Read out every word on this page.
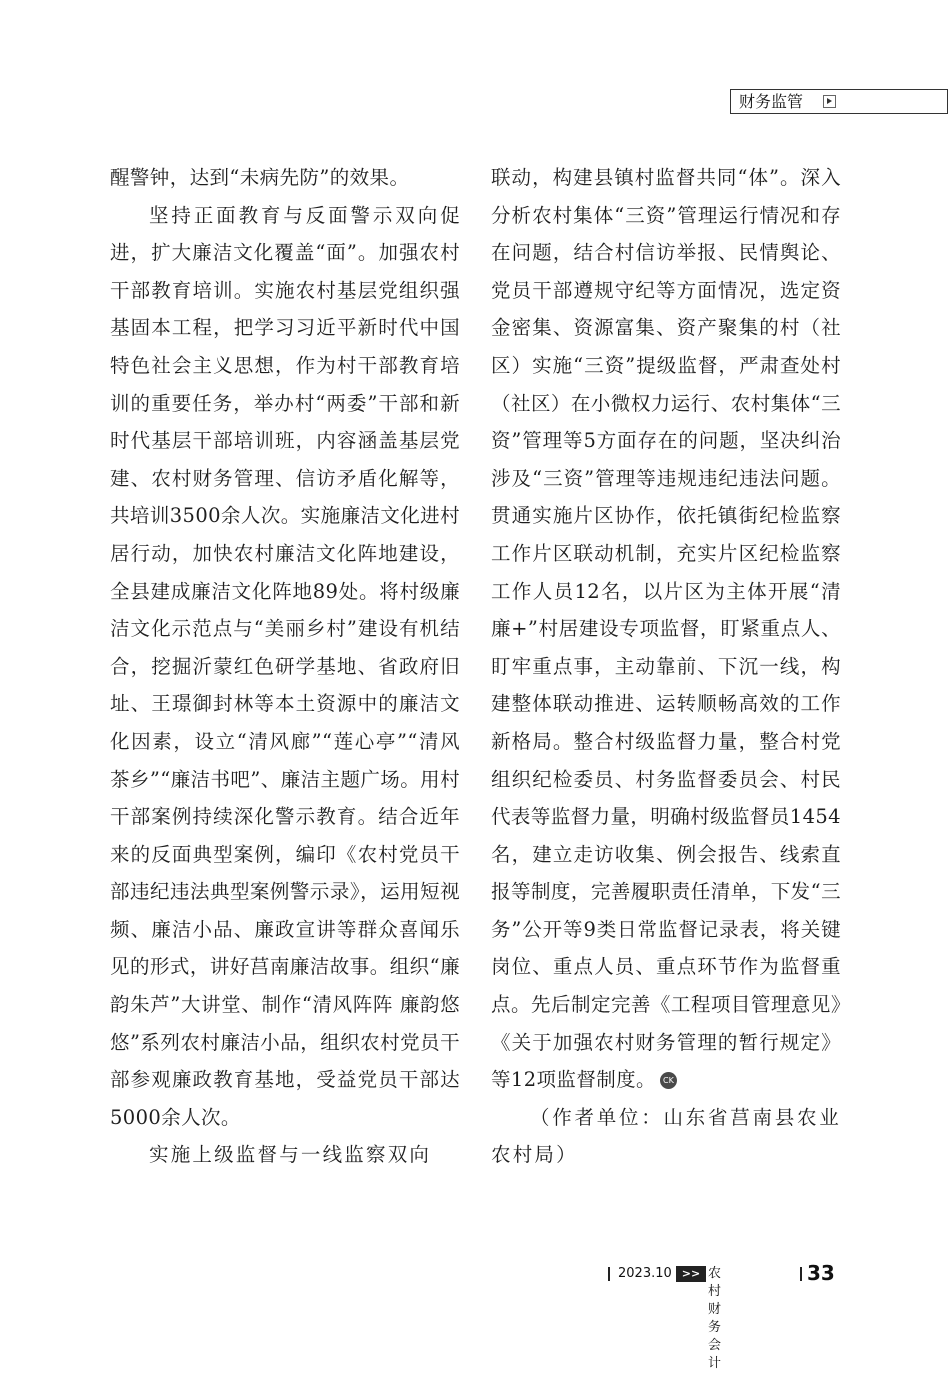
财务监管

醒警钟，达到“未病先防”的效果。

坚持正面教育与反面警示双向促进，扩大廉洁文化覆盖“面”。加强农村干部教育培训。实施农村基层党组织强基固本工程，把学习习近平新时代中国特色社会主义思想，作为村干部教育培训的重要任务，举办村“两委”干部和新时代基层干部培训班，内容涵盖基层党建、农村财务管理、信访矛盾化解等，共培训3500余人次。实施廉洁文化进村居行动，加快农村廉洁文化阵地建设，全县建成廉洁文化阵地89处。将村级廉洁文化示范点与“美丽乡村”建设有机结合，挖掘沂蒙红色研学基地、省政府旧址、王璟御封林等本土资源中的廉洁文化因素，设立“清风廊”“莲心亭”“清风茶乡”“廉洁书吧”、廉洁主题广场。用村干部案例持续深化警示教育。结合近年来的反面典型案例，编印《农村党员干部违纪违法典型案例警示录》，运用短视频、廉洁小品、廉政宣讲等群众喜闻乐见的形式，讲好莒南廉洁故事。组织“廉韵朱芦”大讲堂、制作“清风阵阵 廉韵悠悠”系列农村廉洁小品，组织农村党员干部参观廉政教育基地，受益党员干部达5000余人次。

实施上级监督与一线监察双向

联动，构建县镇村监督共同“体”。深入分析农村集体“三资”管理运行情况和存在问题，结合村信访举报、民情舆论、党员干部遵规守纪等方面情况，选定资金密集、资源富集、资产聚集的村（社区）实施“三资”提级监督，严肃查处村（社区）在小微权力运行、农村集体“三资”管理等5方面存在的问题，坚决纠治涉及“三资”管理等违规违纪违法问题。贯通实施片区协作，依托镇街纪检监察工作片区联动机制，充实片区纪检监察工作人员12名，以片区为主体开展“清廉+”村居建设专项监督，盯紧重点人、盯牢重点事，主动靠前、下沉一线，构建整体联动推进、运转顺畅高效的工作新格局。整合村级监督力量，整合村党组织纪检委员、村务监督委员会、村民代表等监督力量，明确村级监督员1454名，建立走访收集、例会报告、线索直报等制度，完善履职责任清单，下发“三务”公开等9类日常监督记录表，将关键岗位、重点人员、重点环节作为监督重点。先后制定完善《工程项目管理意见》《关于加强农村财务管理的暂行规定》等12项监督制度。 CK

（作者单位：山东省莒南县农业农村局）

2023.10 >> 农村财务会计
33
